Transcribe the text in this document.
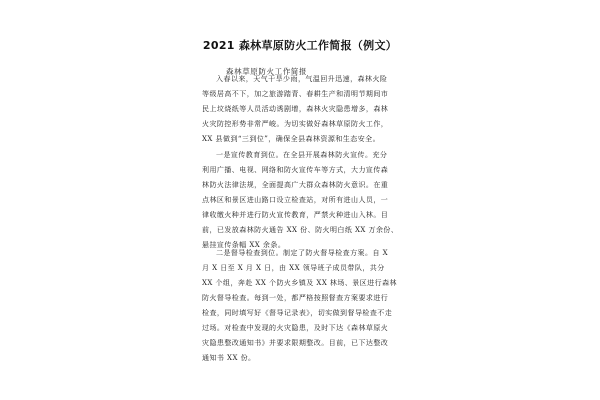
2021 森林草原防火工作简报（例文）
森林草原防火工作简报
入春以来，天气干旱少雨，气温回升迅速，森林火险
等级居高不下，加之旅游踏青、春耕生产和清明节期间市
民上坟烧纸等人员活动诱剧增，森林火灾隐患增多，森林
火灾防控形势非常严峻。为切实做好森林草原防火工作，
XX 县做到“三到位”，确保全县森林资源和生态安全。
一是宣传教育到位。在全县开展森林防火宣传。充分
利用广播、电视、网络和防火宣传车等方式，大力宣传森
林防火法律法规，全面提高广大群众森林防火意识。在重
点林区和景区进山路口设立检查站，对所有进山人员，一
律收缴火种并进行防火宣传教育，严禁火种进山入林。目
前，已发放森林防火通告 XX 份、防火明白纸 XX 万余份、
悬挂宣传条幅 XX 余条。
二是督导检查到位。制定了防火督导检查方案。自 X
月 X 日至 X 月 X 日，由 XX 领导班子成员带队，共分
XX 个组，奔赴 XX 个防火乡镇及 XX 林场、景区进行森林
防火督导检查。每到一处，都严格按照督查方案要求进行
检查，同时填写好《督导记录表》，切实做到督导检查不走
过场。对检查中发现的火灾隐患，及时下达《森林草原火
灾隐患整改通知书》并要求限期整改。目前，已下达整改
通知书 XX 份。
